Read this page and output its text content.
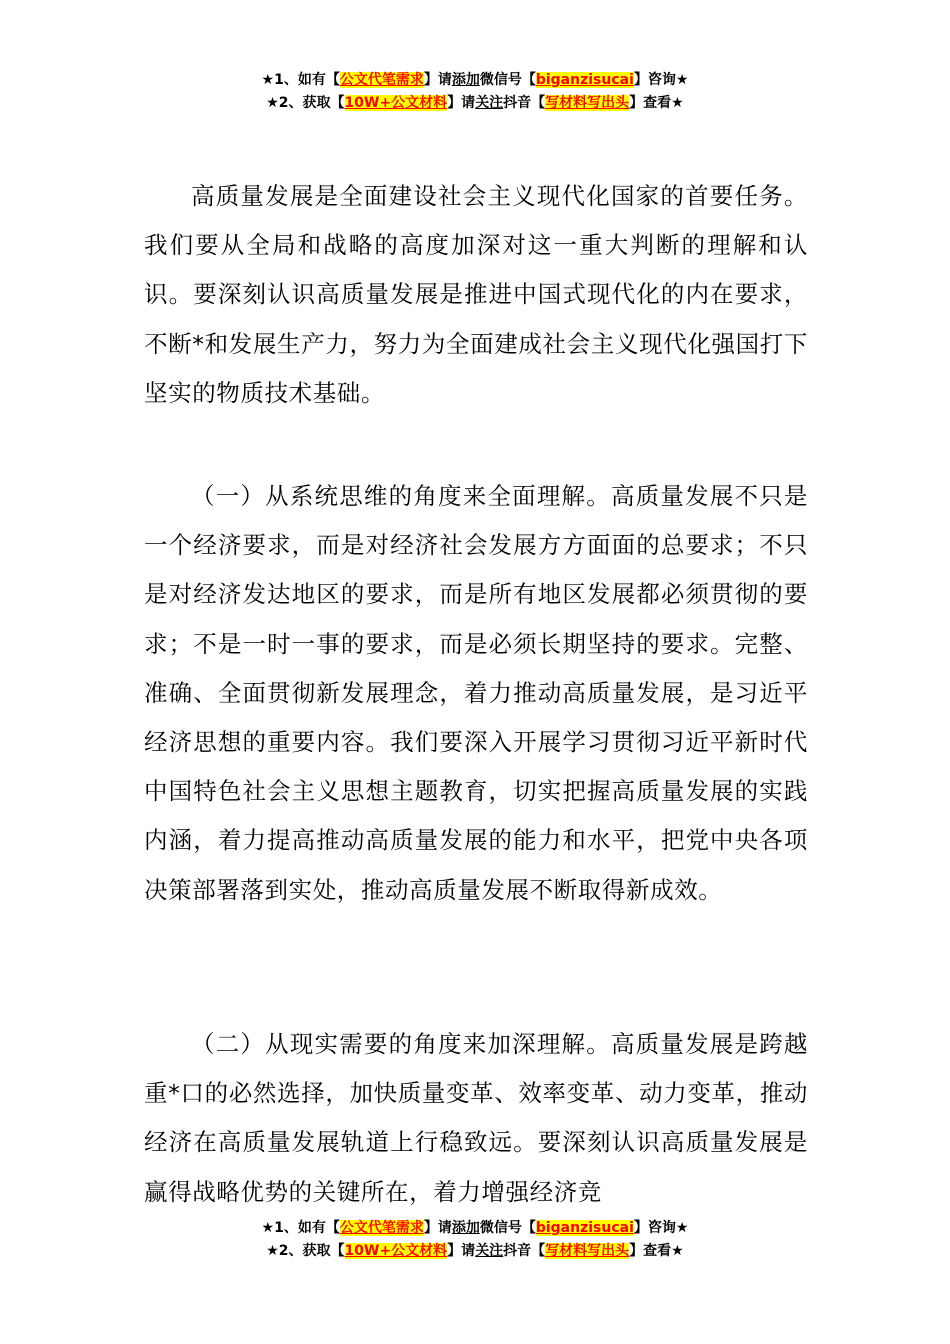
★1、如有【公文代笔需求】请添加微信号【biganzisucai】咨询★
★2、获取【10W+公文材料】请关注抖音【写材料写出头】查看★

高质量发展是全面建设社会主义现代化国家的首要任务。我们要从全局和战略的高度加深对这一重大判断的理解和认识。要深刻认识高质量发展是推进中国式现代化的内在要求，不断*和发展生产力，努力为全面建成社会主义现代化强国打下坚实的物质技术基础。

（一）从系统思维的角度来全面理解。高质量发展不只是一个经济要求，而是对经济社会发展方方面面的总要求；不只是对经济发达地区的要求，而是所有地区发展都必须贯彻的要求；不是一时一事的要求，而是必须长期坚持的要求。完整、准确、全面贯彻新发展理念，着力推动高质量发展，是习近平经济思想的重要内容。我们要深入开展学习贯彻习近平新时代中国特色社会主义思想主题教育，切实把握高质量发展的实践内涵，着力提高推动高质量发展的能力和水平，把党中央各项决策部署落到实处，推动高质量发展不断取得新成效。

（二）从现实需要的角度来加深理解。高质量发展是跨越重*口的必然选择，加快质量变革、效率变革、动力变革，推动经济在高质量发展轨道上行稳致远。要深刻认识高质量发展是赢得战略优势的关键所在，着力增强经济竞

★1、如有【公文代笔需求】请添加微信号【biganzisucai】咨询★
★2、获取【10W+公文材料】请关注抖音【写材料写出头】查看★
